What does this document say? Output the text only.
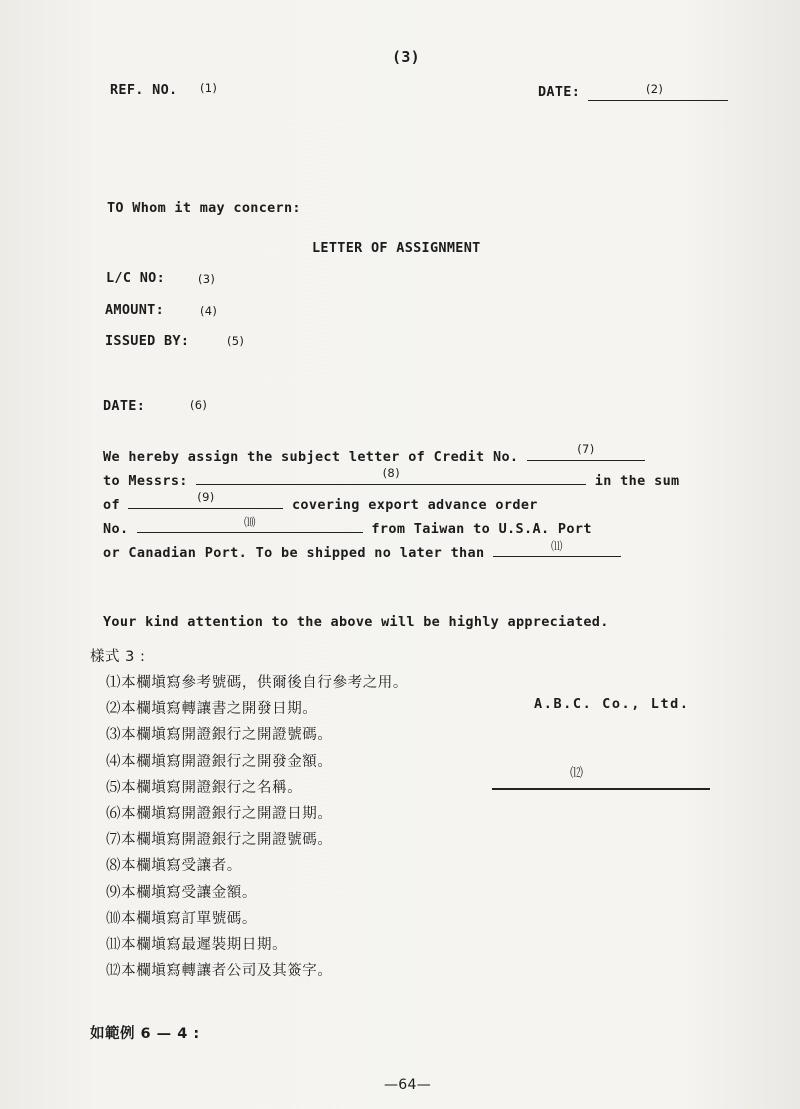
(3)
REF. NO. (1)	DATE:	(2)
TO Whom it may concern:
LETTER OF ASSIGNMENT
L/C NO:	(3)
AMOUNT:	(4)
ISSUED BY:	(5)
DATE:	(6)
We hereby assign the subject letter of Credit No.	(7)
to Messrs:	(8)	in the sum
of	(9)	covering export advance order
No.	⑽	from Taiwan to U.S.A. Port
or Canadian Port. To be shipped no later than	⑾
Your kind attention to the above will be highly appreciated.
樣式 3 :
⑴本欄塡寫參考號碼，供爾後自行參考之用。
⑵本欄塡寫轉讓書之開發日期。
⑶本欄塡寫開證銀行之開證號碼。
⑷本欄塡寫開證銀行之開發金額。
⑸本欄塡寫開證銀行之名稱。
⑹本欄塡寫開證銀行之開證日期。
⑺本欄塡寫開證銀行之開證號碼。
⑻本欄塡寫受讓者。
⑼本欄塡寫受讓金額。
⑽本欄塡寫訂單號碼。
⑾本欄塡寫最遲裝期日期。
⑿本欄塡寫轉讓者公司及其簽字。
A.B.C. Co., Ltd.
⑿
如範例 6 — 4 :
—64—
